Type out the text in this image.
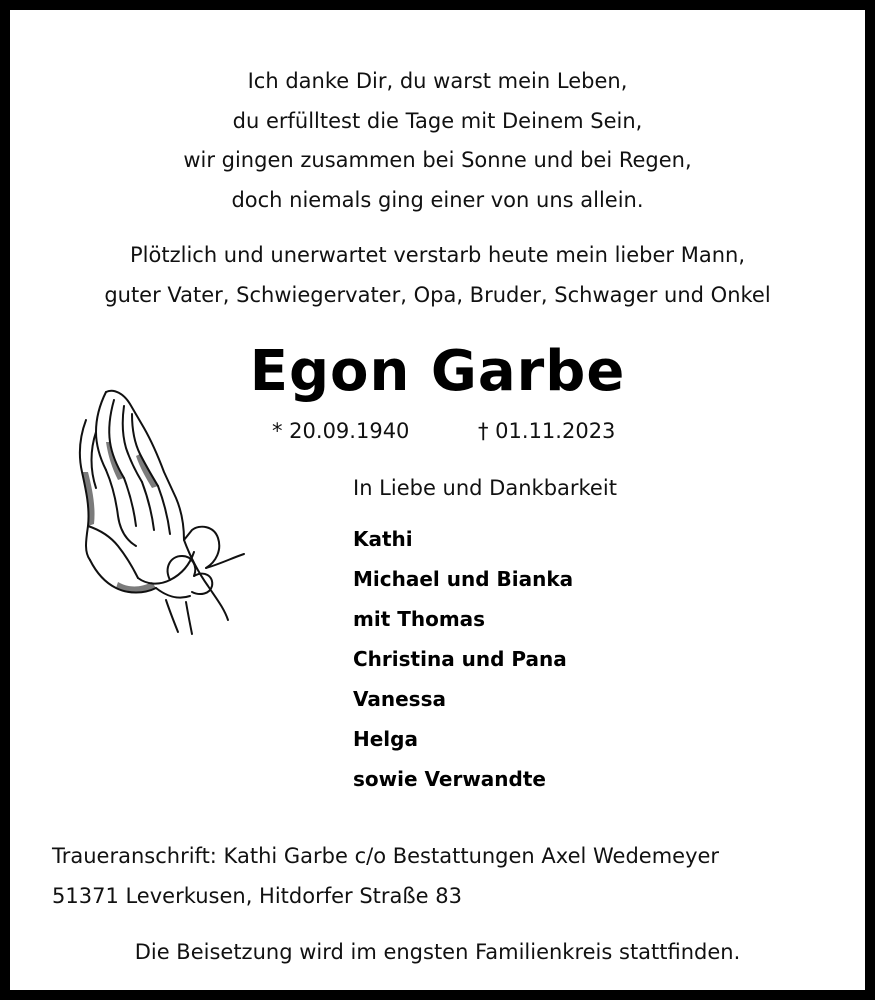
Ich danke Dir, du warst mein Leben,
du erfülltest die Tage mit Deinem Sein,
wir gingen zusammen bei Sonne und bei Regen,
doch niemals ging einer von uns allein.
Plötzlich und unerwartet verstarb heute mein lieber Mann,
guter Vater, Schwiegervater, Opa, Bruder, Schwager und Onkel
Egon Garbe
* 20.09.1940	† 01.11.2023
In Liebe und Dankbarkeit
Kathi
Michael und Bianka
mit Thomas
Christina und Pana
Vanessa
Helga
sowie Verwandte
Traueranschrift: Kathi Garbe c/o Bestattungen Axel Wedemeyer
51371 Leverkusen, Hitdorfer Straße 83
Die Beisetzung wird im engsten Familienkreis stattfinden.
